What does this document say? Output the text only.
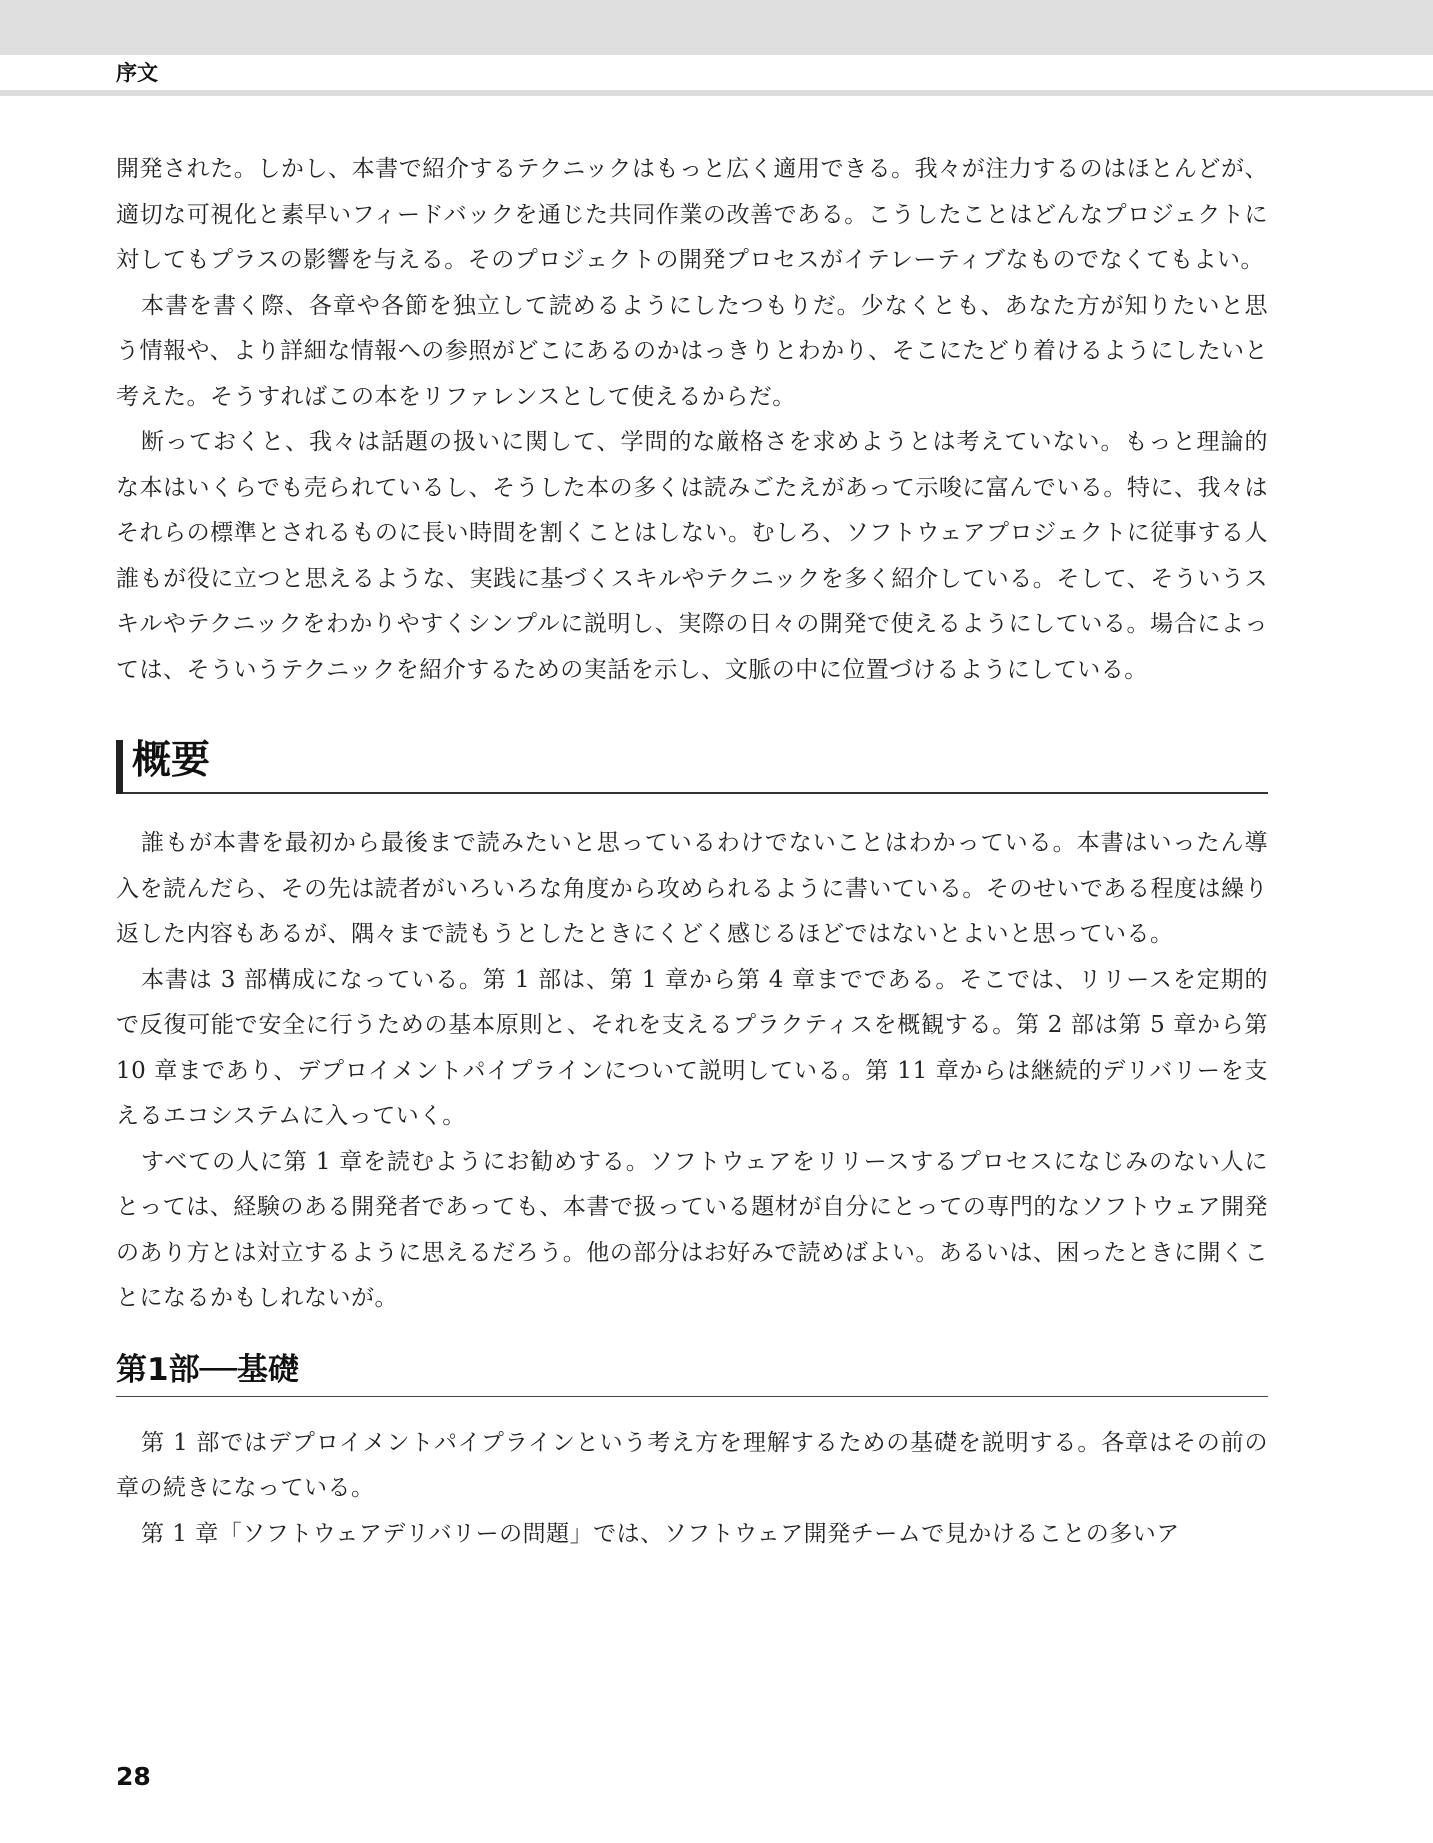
序文

開発された。しかし、本書で紹介するテクニックはもっと広く適用できる。我々が注力するのはほとんどが、適切な可視化と素早いフィードバックを通じた共同作業の改善である。こうしたことはどんなプロジェクトに対してもプラスの影響を与える。そのプロジェクトの開発プロセスがイテレーティブなものでなくてもよい。

本書を書く際、各章や各節を独立して読めるようにしたつもりだ。少なくとも、あなた方が知りたいと思う情報や、より詳細な情報への参照がどこにあるのかはっきりとわかり、そこにたどり着けるようにしたいと考えた。そうすればこの本をリファレンスとして使えるからだ。

断っておくと、我々は話題の扱いに関して、学問的な厳格さを求めようとは考えていない。もっと理論的な本はいくらでも売られているし、そうした本の多くは読みごたえがあって示唆に富んでいる。特に、我々はそれらの標準とされるものに長い時間を割くことはしない。むしろ、ソフトウェアプロジェクトに従事する人誰もが役に立つと思えるような、実践に基づくスキルやテクニックを多く紹介している。そして、そういうスキルやテクニックをわかりやすくシンプルに説明し、実際の日々の開発で使えるようにしている。場合によっては、そういうテクニックを紹介するための実話を示し、文脈の中に位置づけるようにしている。

概要

誰もが本書を最初から最後まで読みたいと思っているわけでないことはわかっている。本書はいったん導入を読んだら、その先は読者がいろいろな角度から攻められるように書いている。そのせいである程度は繰り返した内容もあるが、隅々まで読もうとしたときにくどく感じるほどではないとよいと思っている。

本書は 3 部構成になっている。第 1 部は、第 1 章から第 4 章までである。そこでは、リリースを定期的で反復可能で安全に行うための基本原則と、それを支えるプラクティスを概観する。第 2 部は第 5 章から第 10 章まであり、デプロイメントパイプラインについて説明している。第 11 章からは継続的デリバリーを支えるエコシステムに入っていく。

すべての人に第 1 章を読むようにお勧めする。ソフトウェアをリリースするプロセスになじみのない人にとっては、経験のある開発者であっても、本書で扱っている題材が自分にとっての専門的なソフトウェア開発のあり方とは対立するように思えるだろう。他の部分はお好みで読めばよい。あるいは、困ったときに開くことになるかもしれないが。

第1部──基礎

第 1 部ではデプロイメントパイプラインという考え方を理解するための基礎を説明する。各章はその前の章の続きになっている。

第 1 章「ソフトウェアデリバリーの問題」では、ソフトウェア開発チームで見かけることの多いア

28
